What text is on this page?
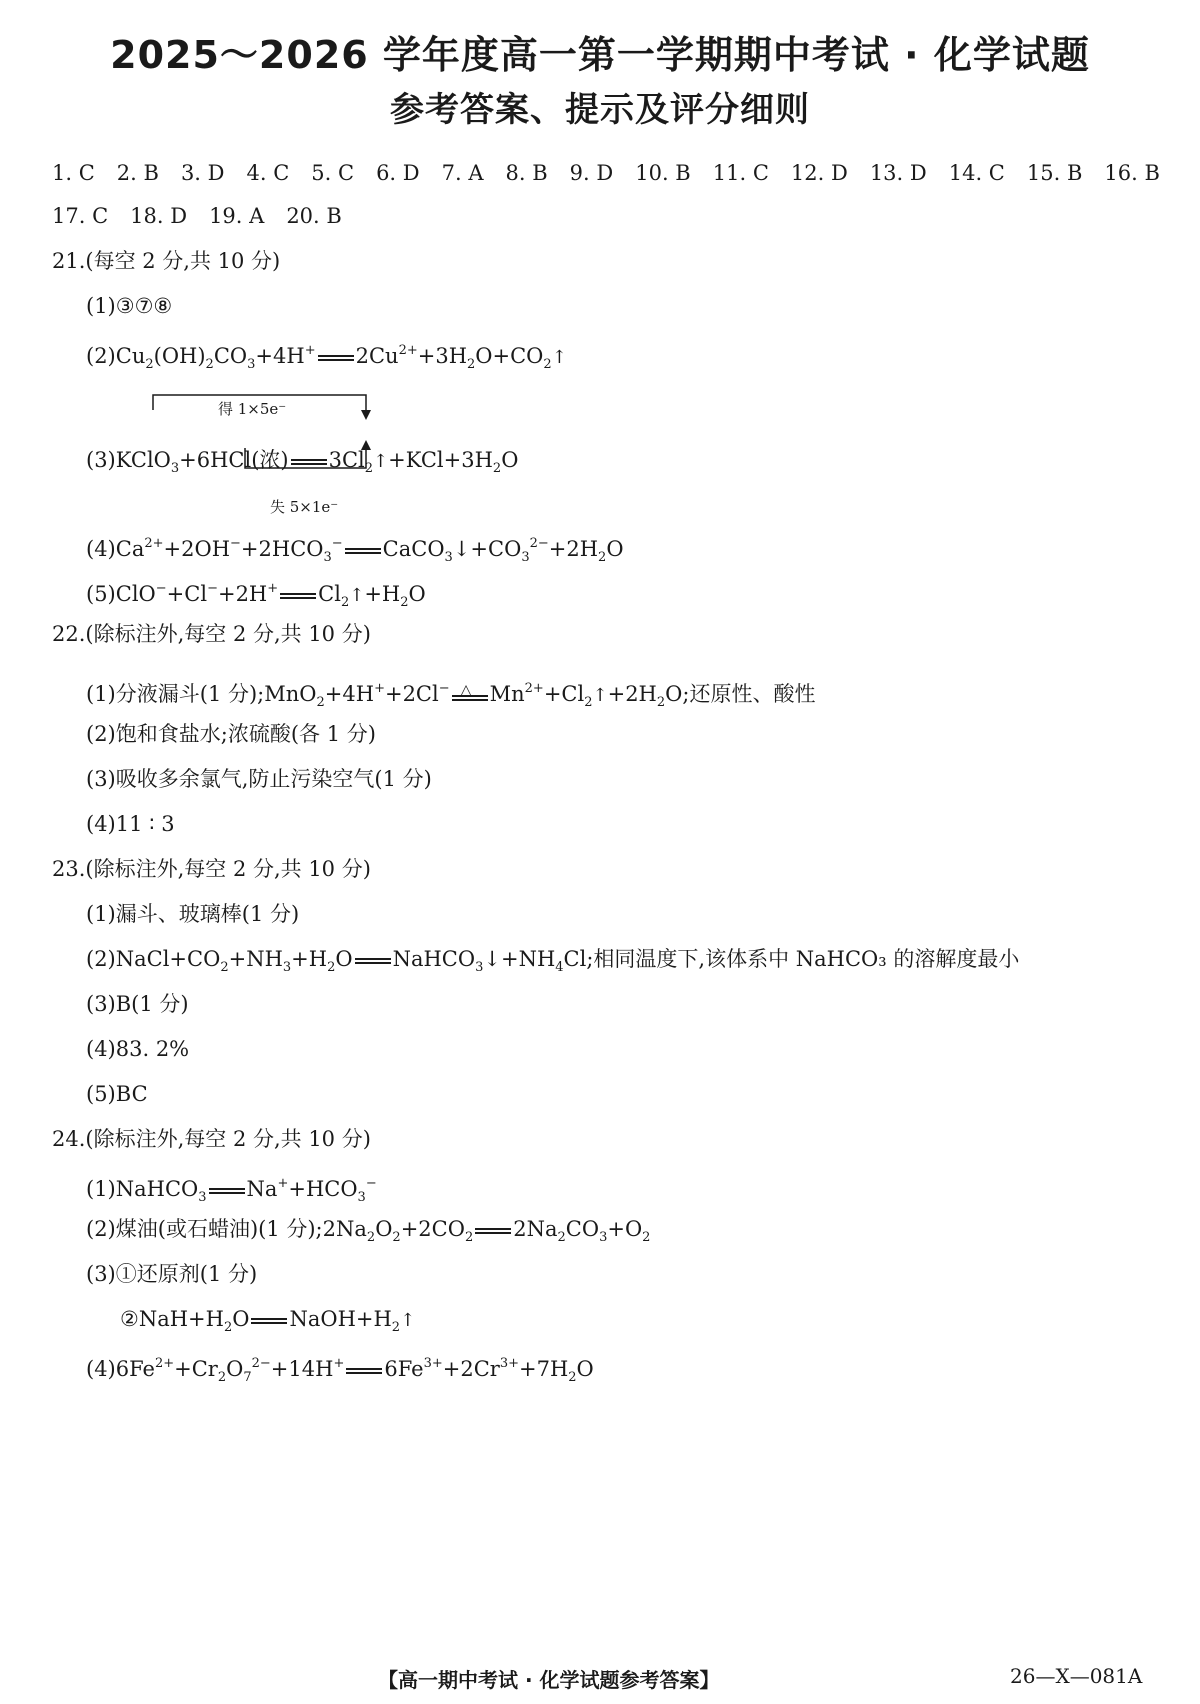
2025～2026 学年度高一第一学期期中考试 · 化学试题
参考答案、提示及评分细则
1. C 2. B 3. D 4. C 5. C 6. D 7. A 8. B 9. D 10. B 11. C 12. D 13. D 14. C 15. B 16. B
17. C 18. D 19. A 20. B
21.(每空 2 分,共 10 分)
(1)③⑦⑧
$(2)Cu_2(OH)_2CO_3+4H^+$ $2Cu^{2+}+3H_2O+CO_2↑$
得 1×5e⁻
失 5×1e⁻
(3)KClO$_3$+6HCl(浓) $3Cl_2↑+KCl+3H_2O$
$(4)Ca^{2+}+2OH^-+2HCO_3^-$ $CaCO_3↓+CO_3^{2-}+2H_2O$
(5)ClO−+Cl−+2H+ $Cl_2↑+H_2O$
22.(除标注外,每空 2 分,共 10 分)
(1)分液漏斗(1 分);MnO$_2$+4H++2Cl− △ $Mn^{2+}+Cl_2↑+2H_2O$;还原性、酸性
(2)饱和食盐水;浓硫酸(各 1 分)
(3)吸收多余氯气,防止污染空气(1 分)
(4)11 ∶ 3
23.(除标注外,每空 2 分,共 10 分)
(1)漏斗、玻璃棒(1 分)
$(2)NaCl+CO_2+NH_3+H_2O$ $NaHCO_3↓+NH_4Cl$;相同温度下,该体系中 NaHCO₃ 的溶解度最小
(3)B(1 分)
(4)83. 2%
(5)BC
24.(除标注外,每空 2 分,共 10 分)
(1)NaHCO$_3$ $Na^++HCO_3^-$
(2)煤油(或石蜡油)(1 分)$;2Na_2O_2+2CO_2$ $2Na_2CO_3+O_2$
(3)①还原剂(1 分)
$②NaH+H_2O$ $NaOH+H_2↑$
$(4)6Fe^{2+}+Cr_2O_7^{2-}+14H^+$ $6Fe^{3+}+2Cr^{3+}+7H_2O$
【高一期中考试 · 化学试题参考答案】	26—X—081A
